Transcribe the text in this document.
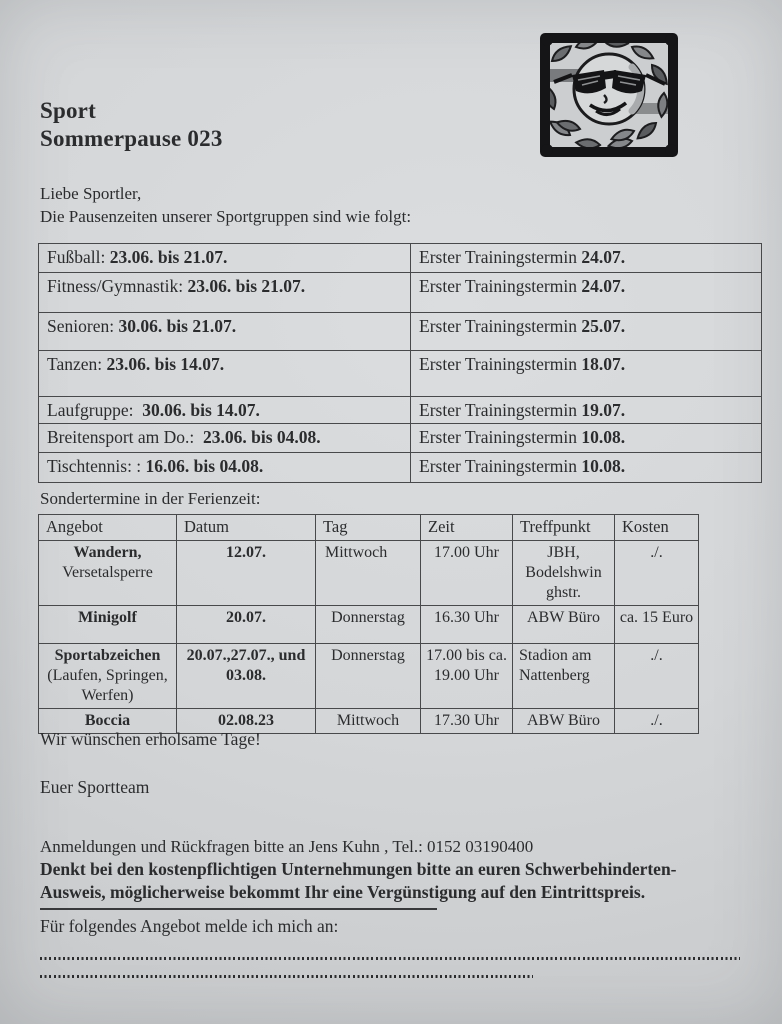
Sport
Sommerpause 023
Liebe Sportler,
Die Pausenzeiten unserer Sportgruppen sind wie folgt:
Fußball: 23.06. bis 21.07.	Erster Trainingstermin 24.07.
Fitness/Gymnastik: 23.06. bis 21.07.	Erster Trainingstermin 24.07.
Senioren: 30.06. bis 21.07.	Erster Trainingstermin 25.07.
Tanzen: 23.06. bis 14.07.	Erster Trainingstermin 18.07.
Laufgruppe:  30.06. bis 14.07.	Erster Trainingstermin 19.07.
Breitensport am Do.:  23.06. bis 04.08.	Erster Trainingstermin 10.08.
Tischtennis: : 16.06. bis 04.08.	Erster Trainingstermin 10.08.
Sondertermine in der Ferienzeit:
Angebot	Datum	Tag	Zeit	Treffpunkt	Kosten

Wandern,
Versetalsperre	12.07.	Mittwoch	17.00 Uhr	JBH, Bodelshwin ghstr.	./.

Minigolf	20.07.	Donnerstag	16.30 Uhr	ABW Büro	ca. 15 Euro

Sportabzeichen
(Laufen, Springen, Werfen)	20.07.,27.07., und 03.08.	Donnerstag	17.00 bis ca. 19.00 Uhr	Stadion am Nattenberg	./.

Boccia	02.08.23	Mittwoch	17.30 Uhr	ABW Büro	./.
Wir wünschen erholsame Tage!
Euer Sportteam
Anmeldungen und Rückfragen bitte an Jens Kuhn , Tel.: 0152 03190400
Denkt bei den kostenpflichtigen Unternehmungen bitte an euren Schwerbehinderten-
Ausweis, möglicherweise bekommt Ihr eine Vergünstigung auf den Eintrittspreis.
Für folgendes Angebot melde ich mich an:
